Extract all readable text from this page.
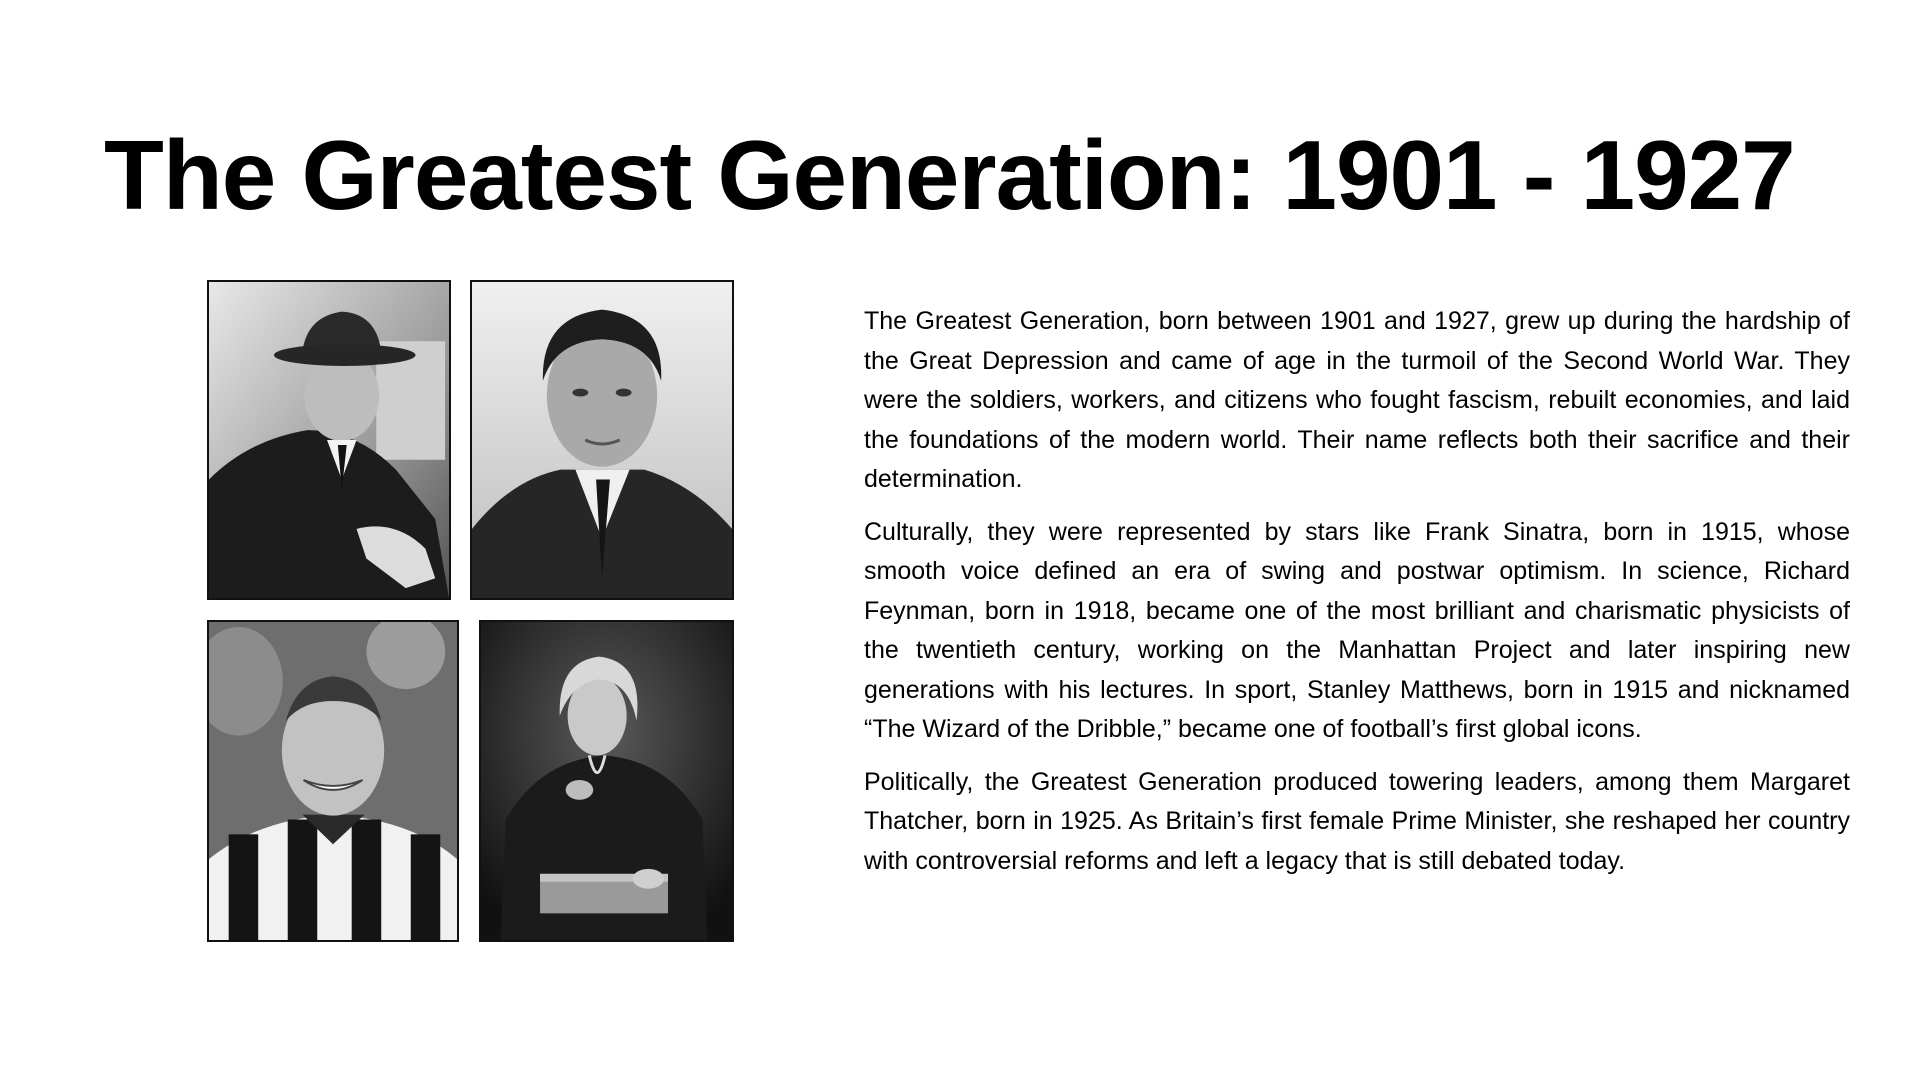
The Greatest Generation: 1901 - 1927

The Greatest Generation, born between 1901 and 1927, grew up during the hardship of the Great Depression and came of age in the turmoil of the Second World War. They were the soldiers, workers, and citizens who fought fascism, rebuilt economies, and laid the foundations of the modern world. Their name reflects both their sacrifice and their determination.

Culturally, they were represented by stars like Frank Sinatra, born in 1915, whose smooth voice defined an era of swing and postwar optimism. In science, Richard Feynman, born in 1918, became one of the most brilliant and charismatic physicists of the twentieth century, working on the Manhattan Project and later inspiring new generations with his lectures. In sport, Stanley Matthews, born in 1915 and nicknamed “The Wizard of the Dribble,” became one of football’s first global icons.

Politically, the Greatest Generation produced towering leaders, among them Margaret Thatcher, born in 1925. As Britain’s first female Prime Minister, she reshaped her country with controversial reforms and left a legacy that is still debated today.
